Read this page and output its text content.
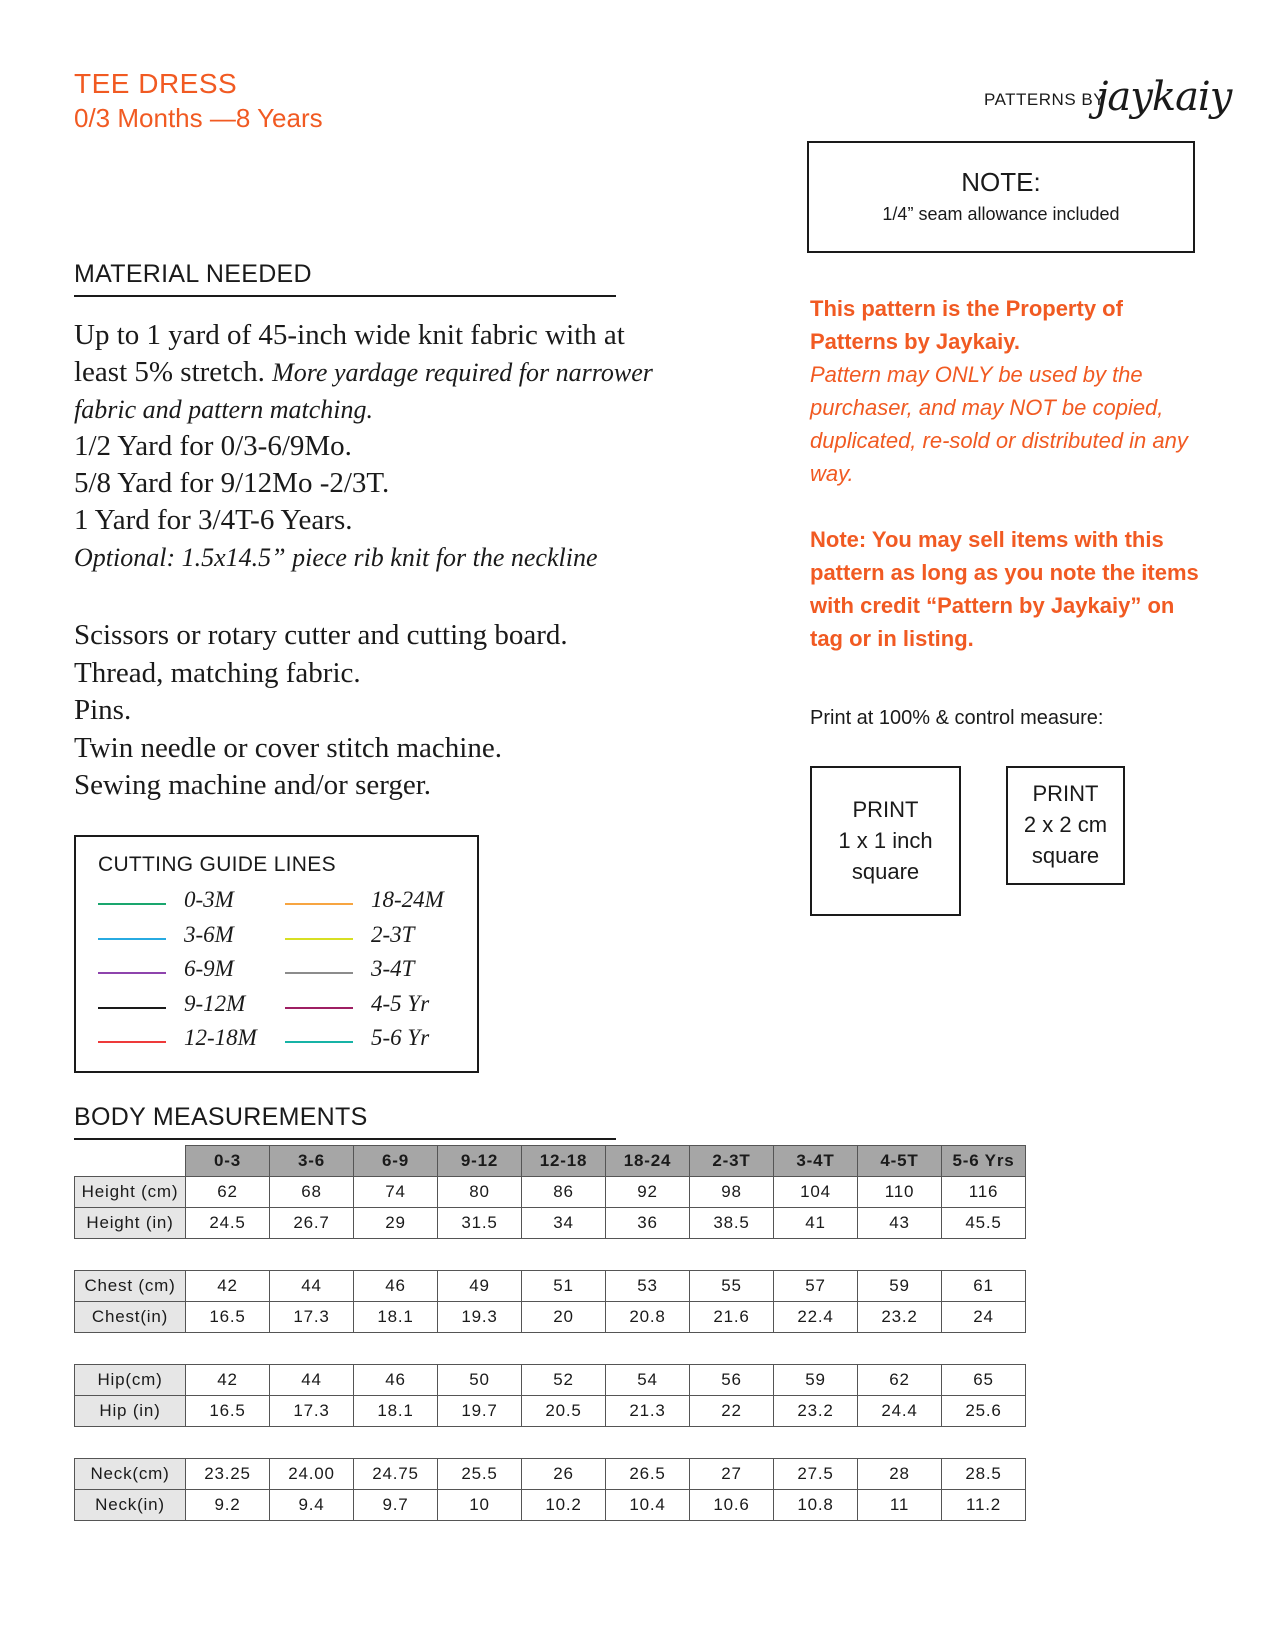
TEE DRESS
0/3 Months —8 Years
PATTERNS BY
jaykaiy
NOTE:
1/4” seam allowance included
MATERIAL NEEDED
Up to 1 yard of 45-inch wide knit fabric with at least 5% stretch. More yardage required for narrower fabric and pattern matching.
1/2 Yard for 0/3-6/9Mo.
5/8 Yard for 9/12Mo -2/3T.
1 Yard for 3/4T-6 Years.
Optional: 1.5x14.5” piece rib knit for the neckline
Scissors or rotary cutter and cutting board.
Thread, matching fabric.
Pins.
Twin needle or cover stitch machine.
Sewing machine and/or serger.
This pattern is the Property of Patterns by Jaykaiy.
Pattern may ONLY be used by the purchaser, and may NOT be copied, duplicated, re-sold or distributed in any way.

Note: You may sell items with this pattern as long as you note the items with credit “Pattern by Jaykaiy” on tag or in listing.
Print at 100% & control measure:
PRINT
1 x 1 inch
square
PRINT
2 x 2 cm
square
CUTTING GUIDE LINES
0-3M
3-6M
6-9M
9-12M
12-18M
18-24M
2-3T
3-4T
4-5 Yr
5-6 Yr
BODY MEASUREMENTS
	0-3	3-6	6-9	9-12	12-18	18-24	2-3T	3-4T	4-5T	5-6 Yrs
Height (cm)	62	68	74	80	86	92	98	104	110	116
Height (in)	24.5	26.7	29	31.5	34	36	38.5	41	43	45.5

Chest (cm)	42	44	46	49	51	53	55	57	59	61
Chest(in)	16.5	17.3	18.1	19.3	20	20.8	21.6	22.4	23.2	24

Hip(cm)	42	44	46	50	52	54	56	59	62	65
Hip (in)	16.5	17.3	18.1	19.7	20.5	21.3	22	23.2	24.4	25.6

Neck(cm)	23.25	24.00	24.75	25.5	26	26.5	27	27.5	28	28.5
Neck(in)	9.2	9.4	9.7	10	10.2	10.4	10.6	10.8	11	11.2
